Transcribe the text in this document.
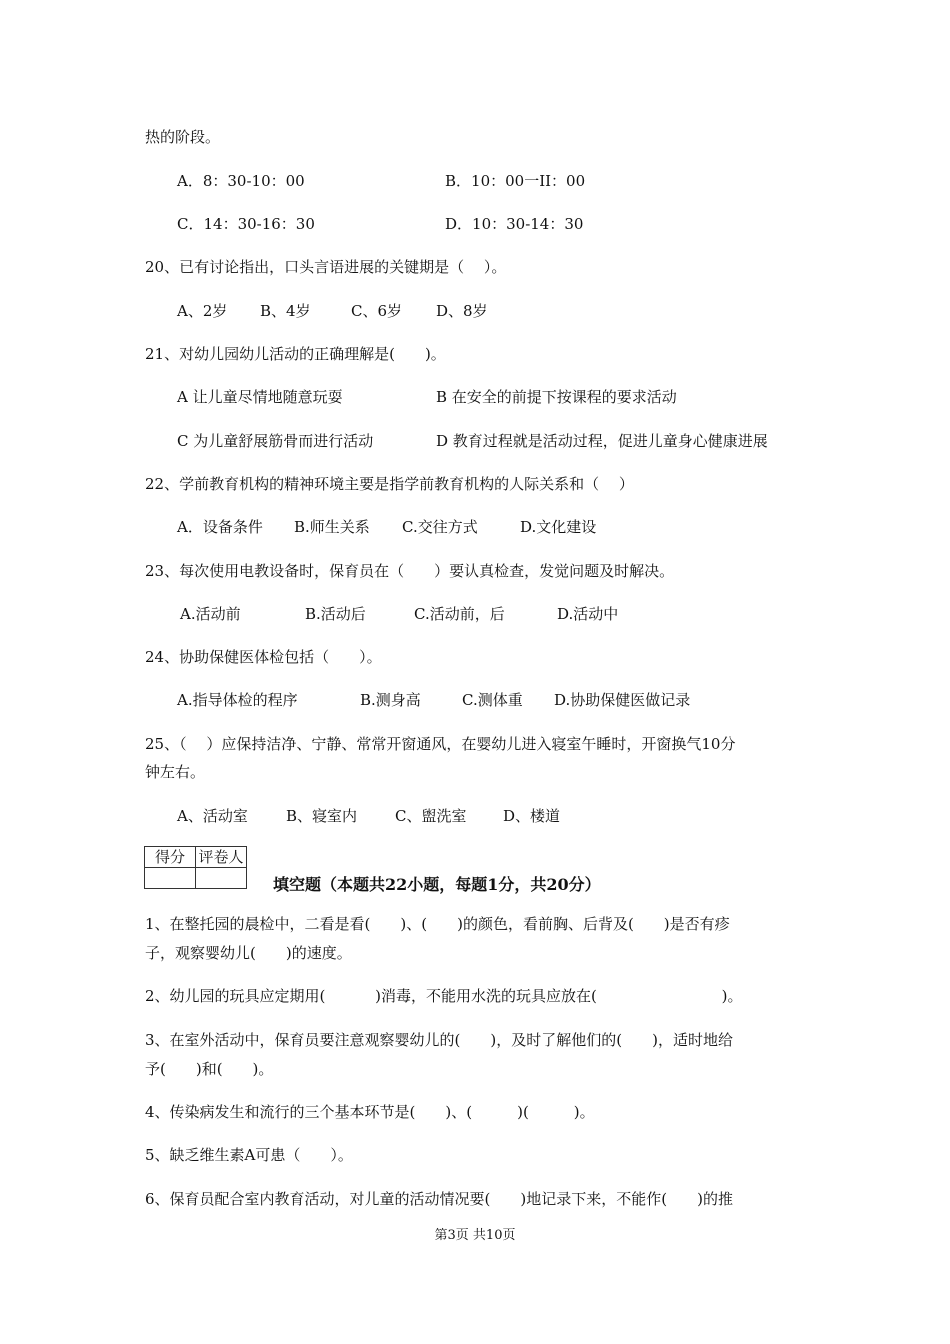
热的阶段。
A．8：30-10：00	B．10：00一II：00
C．14：30-16：30	D．10：30-14：30
20、已有讨论指出，口头言语进展的关键期是（　 ）。
A、2岁 B、4岁	C、6岁 D、8岁
21、对幼儿园幼儿活动的正确理解是(　　)。
A 让儿童尽情地随意玩耍	B 在安全的前提下按课程的要求活动
C 为儿童舒展筋骨而进行活动	D 教育过程就是活动过程，促进儿童身心健康进展
22、学前教育机构的精神环境主要是指学前教育机构的人际关系和（　 ）
A．设备条件 B.师生关系 C.交往方式	D.文化建设
23、每次使用电教设备时，保育员在（　　）要认真检查，发觉问题及时解决。
A.活动前	B.活动后	C.活动前，后	D.活动中
24、协助保健医体检包括（　　）。
A.指导体检的程序	B.测身高	C.测体重 D.协助保健医做记录
25、（　 ）应保持洁净、宁静、常常开窗通风，在婴幼儿进入寝室午睡时，开窗换气10分
钟左右。
A、活动室	B、寝室内	C、盥洗室 D、楼道
得分	评卷人

填空题（本题共22小题，每题1分，共20分）
1、在整托园的晨检中，二看是看(　　)、(　　)的颜色，看前胸、后背及(　　)是否有疹
子，观察婴幼儿(　　)的速度。
2、幼儿园的玩具应定期用(　　　 )消毒，不能用水洗的玩具应放在(　　　　　　　　 )。
3、在室外活动中，保育员要注意观察婴幼儿的(　　)，及时了解他们的(　　)，适时地给
予(　　)和(　　)。
4、传染病发生和流行的三个基本环节是(　　)、(　　　)(　　　)。
5、缺乏维生素A可患（　　）。
6、保育员配合室内教育活动，对儿童的活动情况要(　　)地记录下来，不能作(　　)的推
第3页 共10页
